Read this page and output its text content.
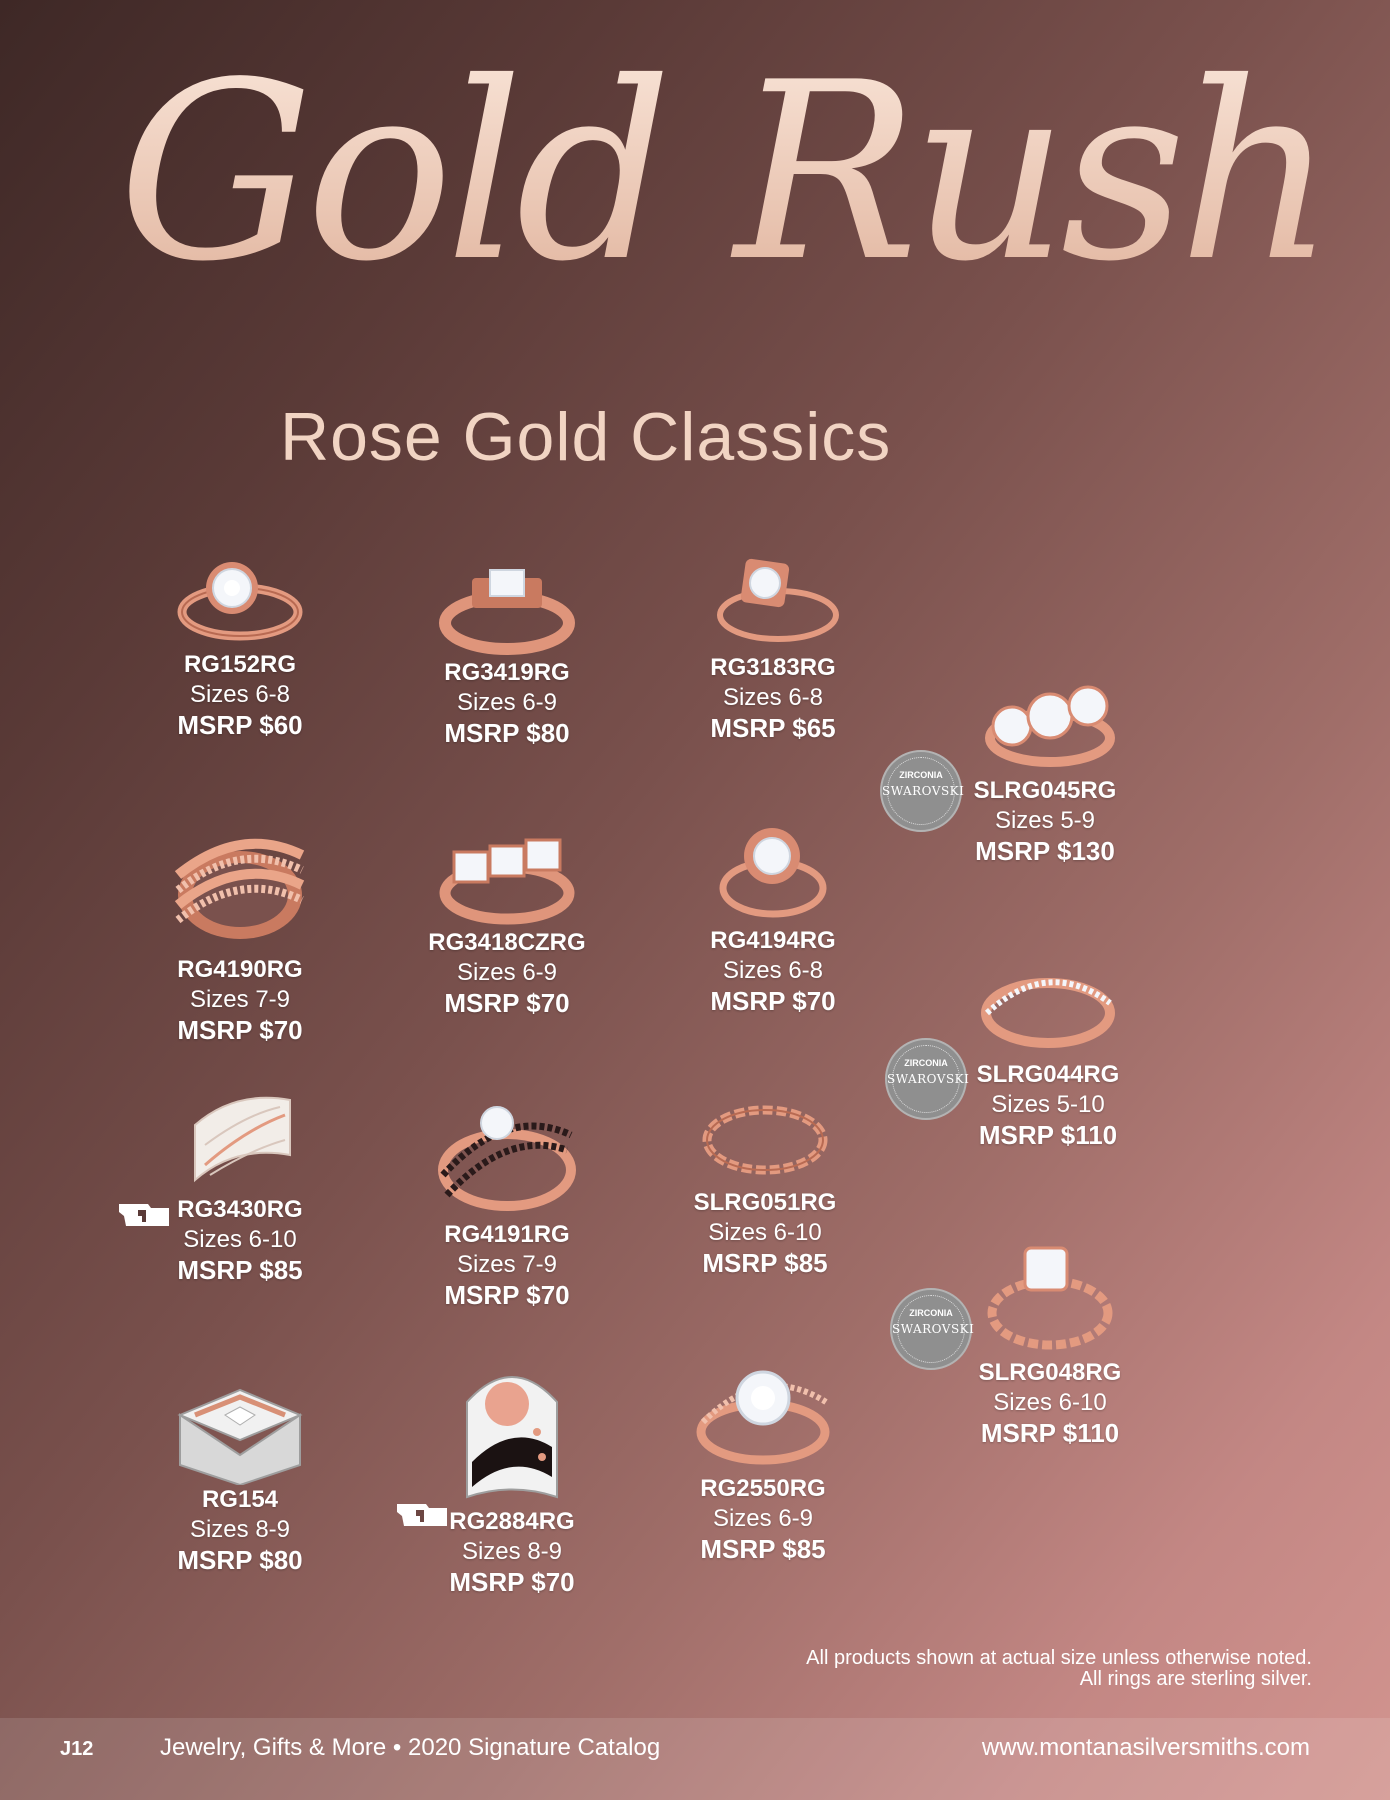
Gold Rush
Rose Gold Classics
RG152RG
Sizes 6-8
MSRP $60
RG4190RG
Sizes 7-9
MSRP $70
RG3430RG
Sizes 6-10
MSRP $85
RG154
Sizes 8-9
MSRP $80
RG3419RG
Sizes 6-9
MSRP $80
RG3418CZRG
Sizes 6-9
MSRP $70
RG4191RG
Sizes 7-9
MSRP $70
RG2884RG
Sizes 8-9
MSRP $70
RG3183RG
Sizes 6-8
MSRP $65
RG4194RG
Sizes 6-8
MSRP $70
SLRG051RG
Sizes 6-10
MSRP $85
RG2550RG
Sizes 6-9
MSRP $85
SLRG045RG
Sizes 5-9
MSRP $130
ZIRCONIA
SWAROVSKI
SLRG044RG
Sizes 5-10
MSRP $110
ZIRCONIA
SWAROVSKI
SLRG048RG
Sizes 6-10
MSRP $110
ZIRCONIA
SWAROVSKI
All products shown at actual size unless otherwise noted.
All rings are sterling silver.
J12	Jewelry, Gifts & More • 2020 Signature Catalog	www.montanasilversmiths.com
